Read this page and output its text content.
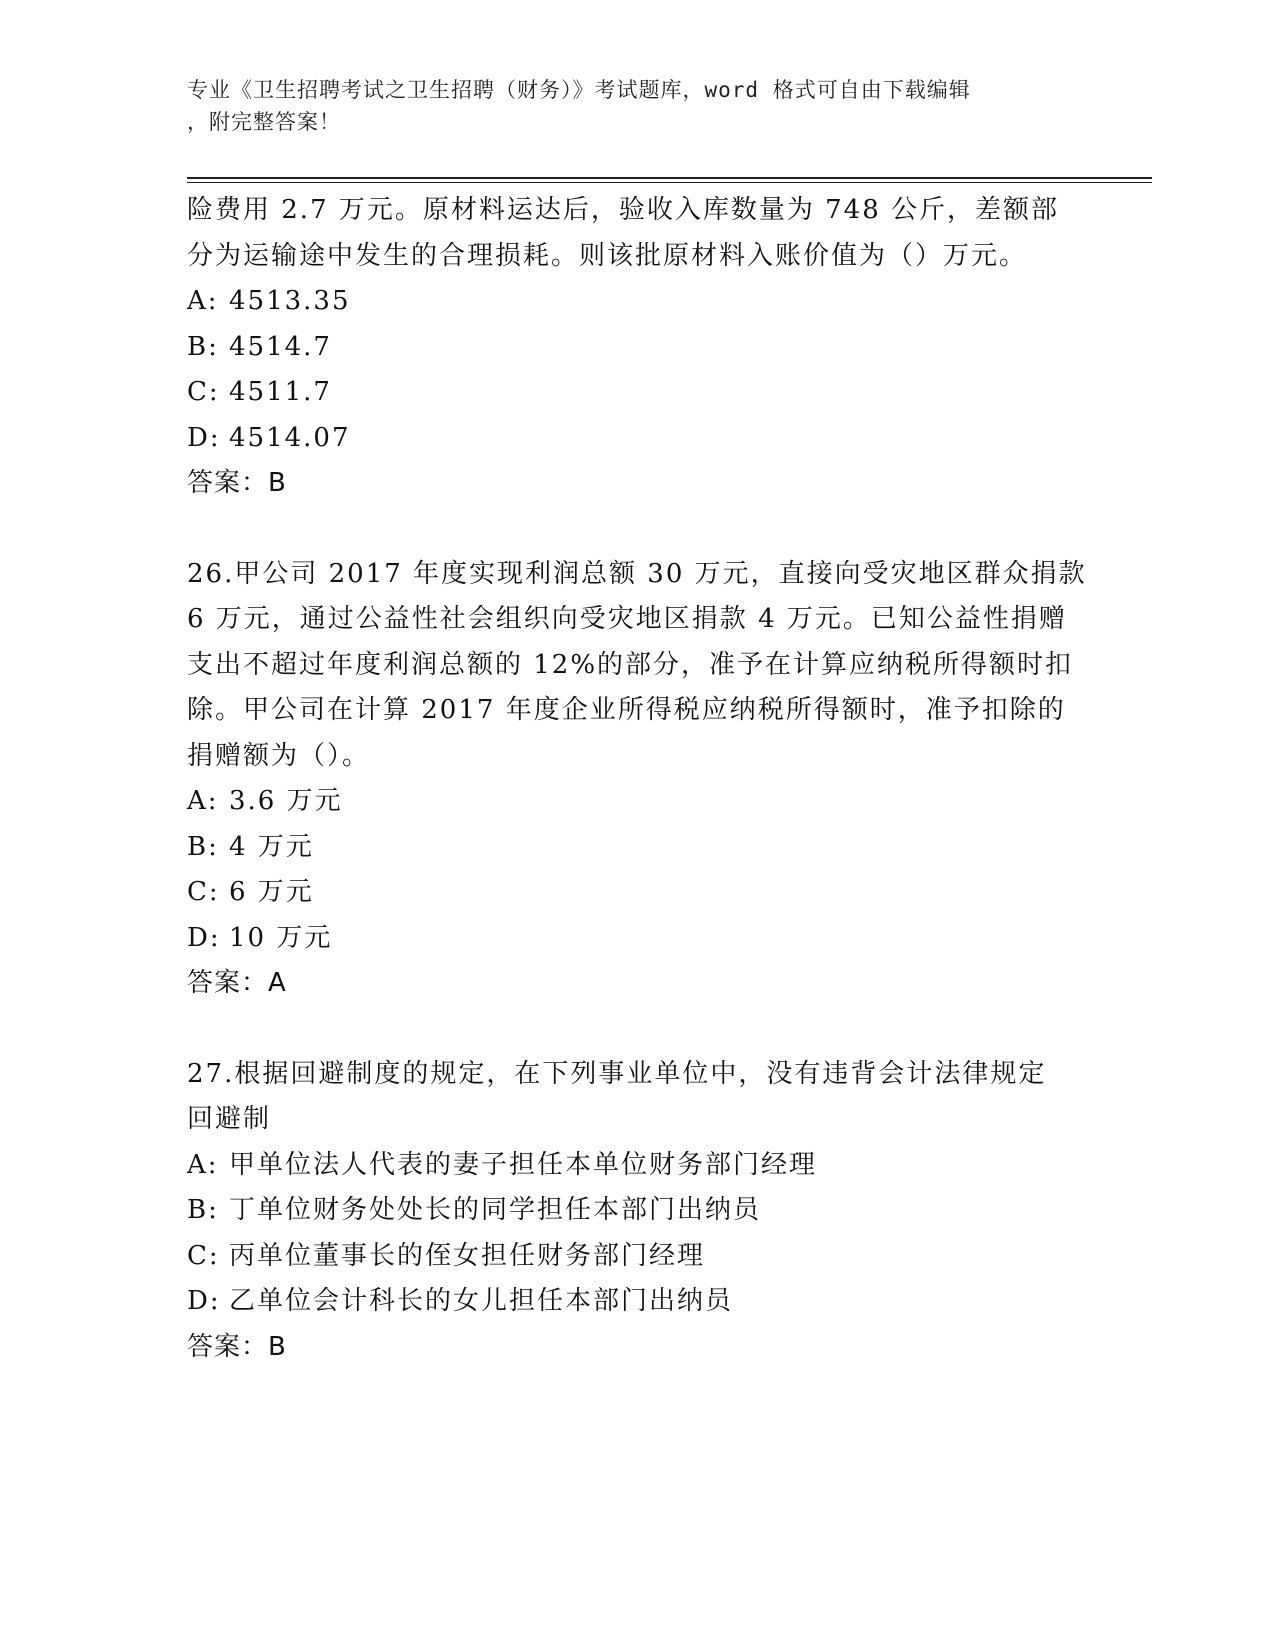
专业《卫生招聘考试之卫生招聘（财务）》考试题库，word 格式可自由下载编辑
，附完整答案！
险费用 2.7 万元。原材料运达后，验收入库数量为 748 公斤，差额部
分为运输途中发生的合理损耗。则该批原材料入账价值为（）万元。
A: 4513.35
B: 4514.7
C: 4511.7
D: 4514.07
答案：B
26.甲公司 2017 年度实现利润总额 30 万元，直接向受灾地区群众捐款
6 万元，通过公益性社会组织向受灾地区捐款 4 万元。已知公益性捐赠
支出不超过年度利润总额的 12%的部分，准予在计算应纳税所得额时扣
除。甲公司在计算 2017 年度企业所得税应纳税所得额时，准予扣除的
捐赠额为（）。
A: 3.6 万元
B: 4 万元
C: 6 万元
D: 10 万元
答案：A
27.根据回避制度的规定，在下列事业单位中，没有违背会计法律规定
回避制
A: 甲单位法人代表的妻子担任本单位财务部门经理
B: 丁单位财务处处长的同学担任本部门出纳员
C: 丙单位董事长的侄女担任财务部门经理
D: 乙单位会计科长的女儿担任本部门出纳员
答案：B
